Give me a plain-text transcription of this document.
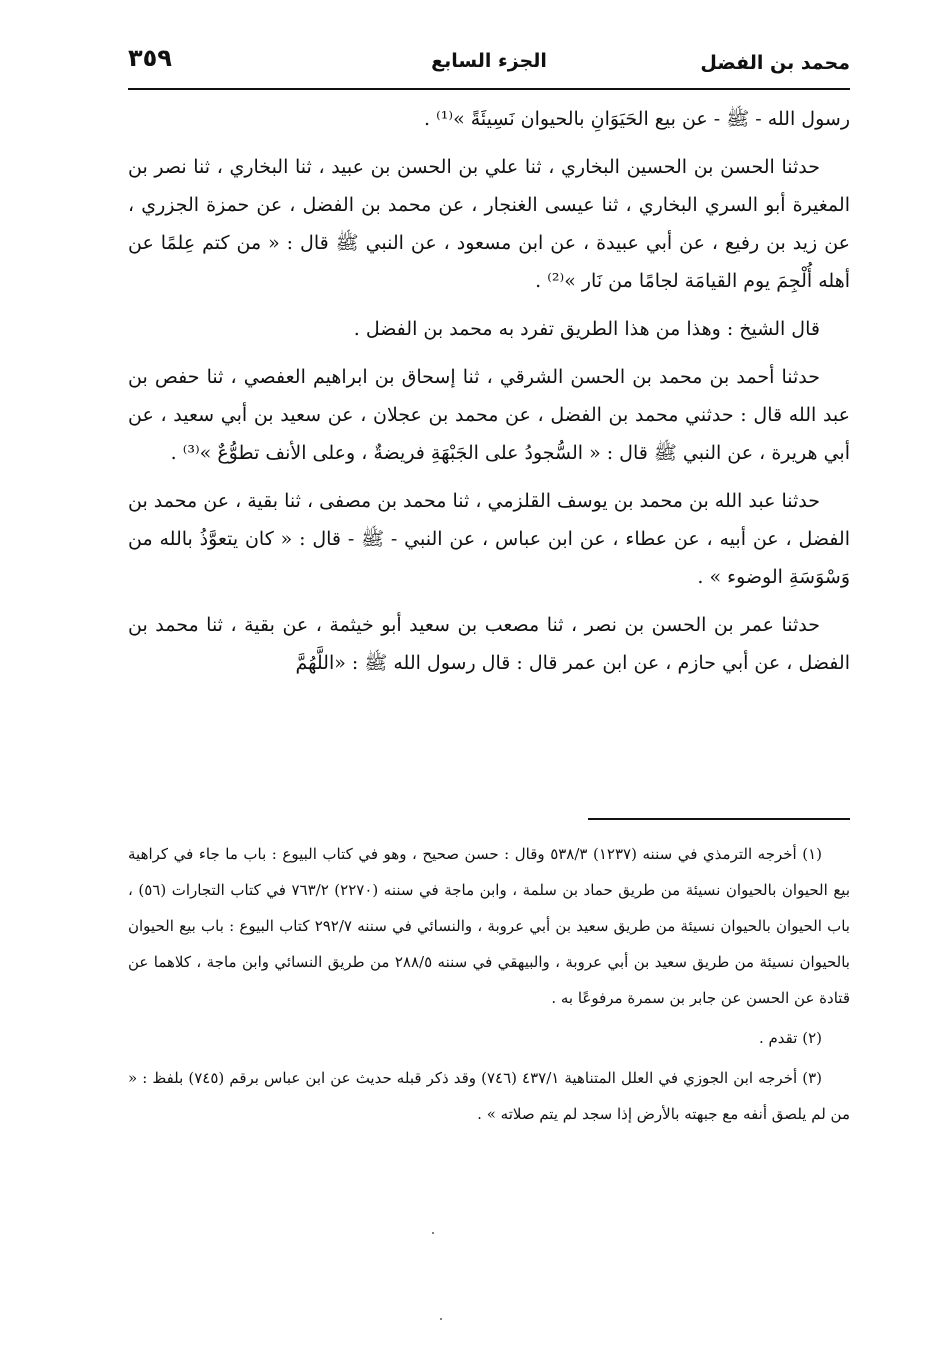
٣٥٩	الجزء السابع	محمد بن الفضل

رسول الله - ﷺ - عن بيع الحَيَوَانِ بالحيوان نَسِيئَةً »⁽¹⁾ .

حدثنا الحسن بن الحسين البخاري ، ثنا علي بن الحسن بن عبيد ، ثنا البخاري ، ثنا نصر بن المغيرة أبو السري البخاري ، ثنا عيسى الغنجار ، عن محمد بن الفضل ، عن حمزة الجزري ، عن زيد بن رفيع ، عن أبي عبيدة ، عن ابن مسعود ، عن النبي ﷺ قال : « من كتم عِلمًا عن أهله أُلْجِمَ يوم القيامَة لجامًا من نَار »⁽²⁾ .

قال الشيخ : وهذا من هذا الطريق تفرد به محمد بن الفضل .

حدثنا أحمد بن محمد بن الحسن الشرقي ، ثنا إسحاق بن ابراهيم العفصي ، ثنا حفص بن عبد الله قال : حدثني محمد بن الفضل ، عن محمد بن عجلان ، عن سعيد بن أبي سعيد ، عن أبي هريرة ، عن النبي ﷺ قال : « السُّجودُ على الجَبْهَةِ فريضةٌ ، وعلى الأنف تطوُّعٌ »⁽³⁾ .

حدثنا عبد الله بن محمد بن يوسف القلزمي ، ثنا محمد بن مصفى ، ثنا بقية ، عن محمد بن الفضل ، عن أبيه ، عن عطاء ، عن ابن عباس ، عن النبي - ﷺ - قال : « كان يتعوَّذُ بالله من وَسْوَسَةِ الوضوء » .

حدثنا عمر بن الحسن بن نصر ، ثنا مصعب بن سعيد أبو خيثمة ، عن بقية ، ثنا محمد بن الفضل ، عن أبي حازم ، عن ابن عمر قال : قال رسول الله ﷺ : «اللَّهُمَّ

(١) أخرجه الترمذي في سننه (١٢٣٧) ٥٣٨/٣ وقال : حسن صحيح ، وهو في كتاب البيوع : باب ما جاء في كراهية بيع الحيوان بالحيوان نسيئة من طريق حماد بن سلمة ، وابن ماجة في سننه (٢٢٧٠) ٧٦٣/٢ في كتاب التجارات (٥٦) ، باب الحيوان بالحيوان نسيئة من طريق سعيد بن أبي عروبة ، والنسائي في سننه ٢٩٢/٧ كتاب البيوع : باب بيع الحيوان بالحيوان نسيئة من طريق سعيد بن أبي عروبة ، والبيهقي في سننه ٢٨٨/٥ من طريق النسائي وابن ماجة ، كلاهما عن قتادة عن الحسن عن جابر بن سمرة مرفوعًا به .

(٢) تقدم .

(٣) أخرجه ابن الجوزي في العلل المتناهية ٤٣٧/١ (٧٤٦) وقد ذكر قبله حديث عن ابن عباس برقم (٧٤٥) بلفظ : « من لم يلصق أنفه مع جبهته بالأرض إذا سجد لم يتم صلاته » .
